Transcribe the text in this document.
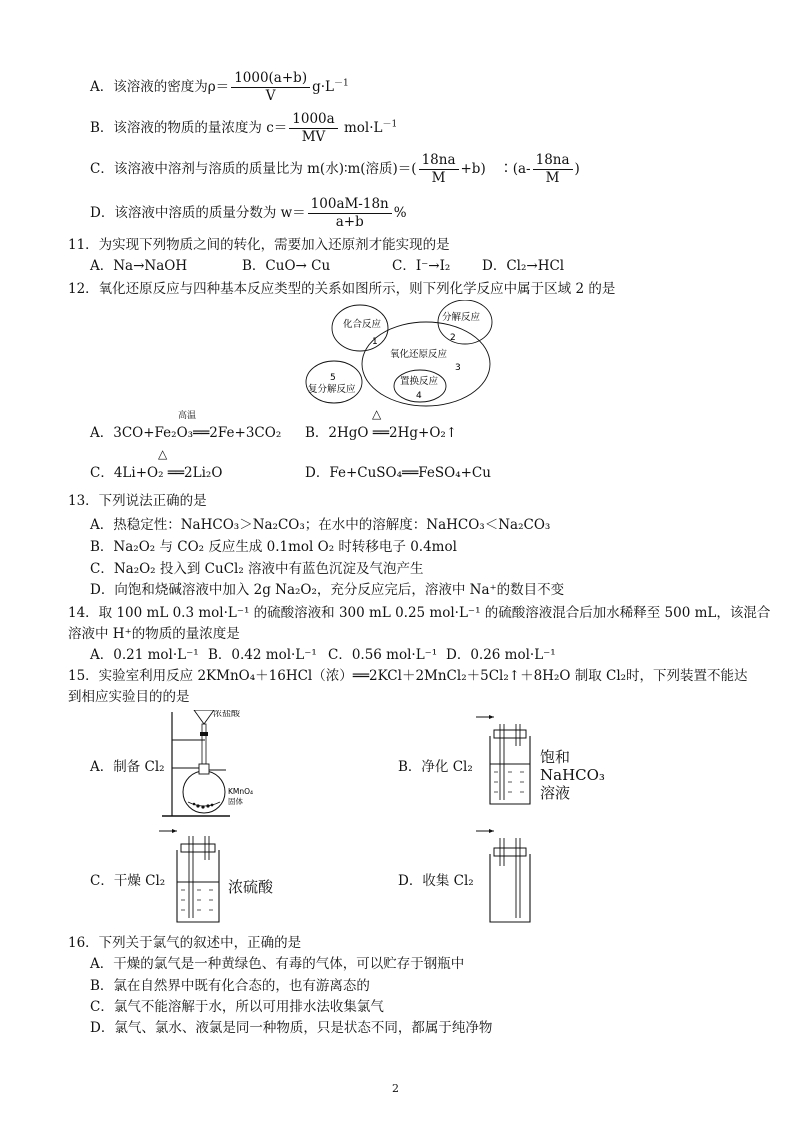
A．该溶液的密度为$\rho= \frac{1000(a+b)}{V} g\cdot L^{-1}$
B．该溶液的物质的量浓度为 $c= \frac{1000a}{MV} mol\cdot L^{-1}$
C．该溶液中溶剂与溶质的质量比为 m(水)∶m(溶质)＝( $\frac{18na}{M} +b$)　∶(a- $\frac{18na}{M}$ )
D．该溶液中溶质的质量分数为 $w= \frac{100aM-18n}{a+b}$ %
11．为实现下列物质之间的转化，需要加入还原剂才能实现的是
A．Na→NaOH	B．CuO→ Cu	C．I⁻→I₂ D．Cl₂→HCl
12．氧化还原反应与四种基本反应类型的关系如图所示，则下列化学反应中属于区域 2 的是
化合反应
分解反应
氧化还原反应
复分解反应
置换反应
1	2
3
4
5
高温
A．3CO+Fe₂O₃══2Fe+3CO₂
△
B．2HgO ══2Hg+O₂↑
△
C．4Li+O₂ ══2Li₂O	D．Fe+CuSO₄══FeSO₄+Cu
13．下列说法正确的是
A．热稳定性：NaHCO₃＞Na₂CO₃；在水中的溶解度：NaHCO₃＜Na₂CO₃
B．Na₂O₂ 与 CO₂ 反应生成 0.1mol O₂ 时转移电子 0.4mol
C．Na₂O₂ 投入到 CuCl₂ 溶液中有蓝色沉淀及气泡产生
D．向饱和烧碱溶液中加入 2g Na₂O₂，充分反应完后，溶液中 Na⁺的数目不变
14．取 100 mL 0.3 mol·L⁻¹ 的硫酸溶液和 300 mL 0.25 mol·L⁻¹ 的硫酸溶液混合后加水稀释至 500 mL，该混合
溶液中 H⁺的物质的量浓度是
A．0.21 mol·L⁻¹ B．0.42 mol·L⁻¹ C．0.56 mol·L⁻¹ D．0.26 mol·L⁻¹
15．实验室利用反应 2KMnO₄＋16HCl（浓）══2KCl＋2MnCl₂＋5Cl₂↑＋8H₂O 制取 Cl₂时，下列装置不能达
到相应实验目的的是
A．制备 Cl₂
浓盐酸
KMnO₄
固体
B．净化 Cl₂
饱和
NaHCO₃
溶液
C．干燥 Cl₂	浓硫酸	D．收集 Cl₂
16．下列关于氯气的叙述中，正确的是
A．干燥的氯气是一种黄绿色、有毒的气体，可以贮存于钢瓶中
B．氯在自然界中既有化合态的，也有游离态的
C．氯气不能溶解于水，所以可用排水法收集氯气
D．氯气、氯水、液氯是同一种物质，只是状态不同，都属于纯净物
2
